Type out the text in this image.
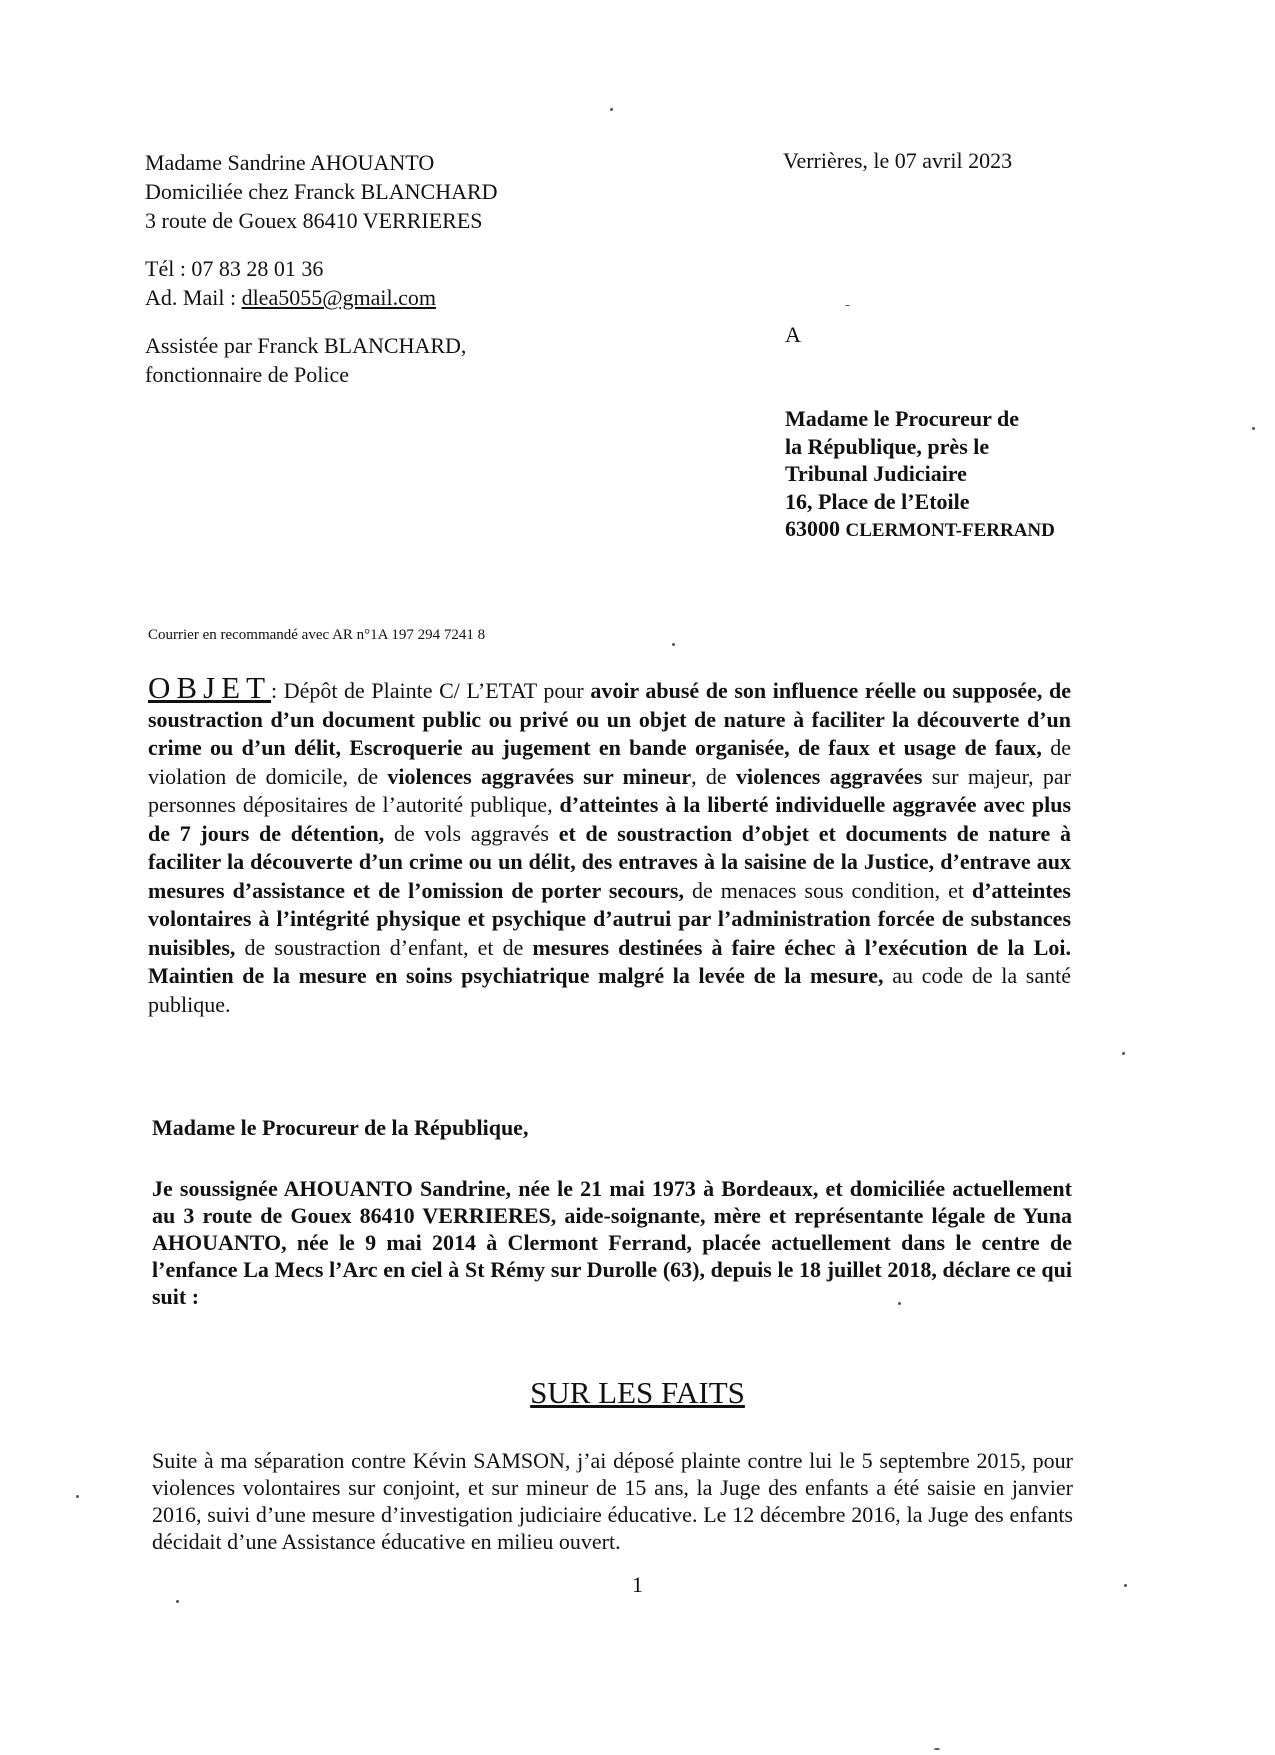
Madame Sandrine AHOUANTO
Domiciliée chez Franck BLANCHARD
3 route de Gouex 86410 VERRIERES
Tél : 07 83 28 01 36
Ad. Mail : dlea5055@gmail.com
Assistée par Franck BLANCHARD,
fonctionnaire de Police
Verrières, le 07 avril 2023
A
Madame le Procureur de
la République, près le
Tribunal Judiciaire
16, Place de l’Etoile
63000 CLERMONT-FERRAND
Courrier en recommandé avec AR n°1A 197 294 7241 8
OBJET: Dépôt de Plainte C/ L’ETAT pour avoir abusé de son influence réelle ou supposée, de soustraction d’un document public ou privé ou un objet de nature à faciliter la découverte d’un crime ou d’un délit, Escroquerie au jugement en bande organisée, de faux et usage de faux, de violation de domicile, de violences aggravées sur mineur, de violences aggravées sur majeur, par personnes dépositaires de l’autorité publique, d’atteintes à la liberté individuelle aggravée avec plus de 7 jours de détention, de vols aggravés et de soustraction d’objet et documents de nature à faciliter la découverte d’un crime ou un délit, des entraves à la saisine de la Justice, d’entrave aux mesures d’assistance et de l’omission de porter secours, de menaces sous condition, et d’atteintes volontaires à l’intégrité physique et psychique d’autrui par l’administration forcée de substances nuisibles, de soustraction d’enfant, et de mesures destinées à faire échec à l’exécution de la Loi. Maintien de la mesure en soins psychiatrique malgré la levée de la mesure, au code de la santé publique.
Madame le Procureur de la République,
Je soussignée AHOUANTO Sandrine, née le 21 mai 1973 à Bordeaux, et domiciliée actuellement au 3 route de Gouex 86410 VERRIERES, aide-soignante, mère et représentante légale de Yuna AHOUANTO, née le 9 mai 2014 à Clermont Ferrand, placée actuellement dans le centre de l’enfance La Mecs l’Arc en ciel à St Rémy sur Durolle (63), depuis le 18 juillet 2018, déclare ce qui suit :
SUR LES FAITS
Suite à ma séparation contre Kévin SAMSON, j’ai déposé plainte contre lui le 5 septembre 2015, pour violences volontaires sur conjoint, et sur mineur de 15 ans, la Juge des enfants a été saisie en janvier 2016, suivi d’une mesure d’investigation judiciaire éducative. Le 12 décembre 2016, la Juge des enfants décidait d’une Assistance éducative en milieu ouvert.
1
